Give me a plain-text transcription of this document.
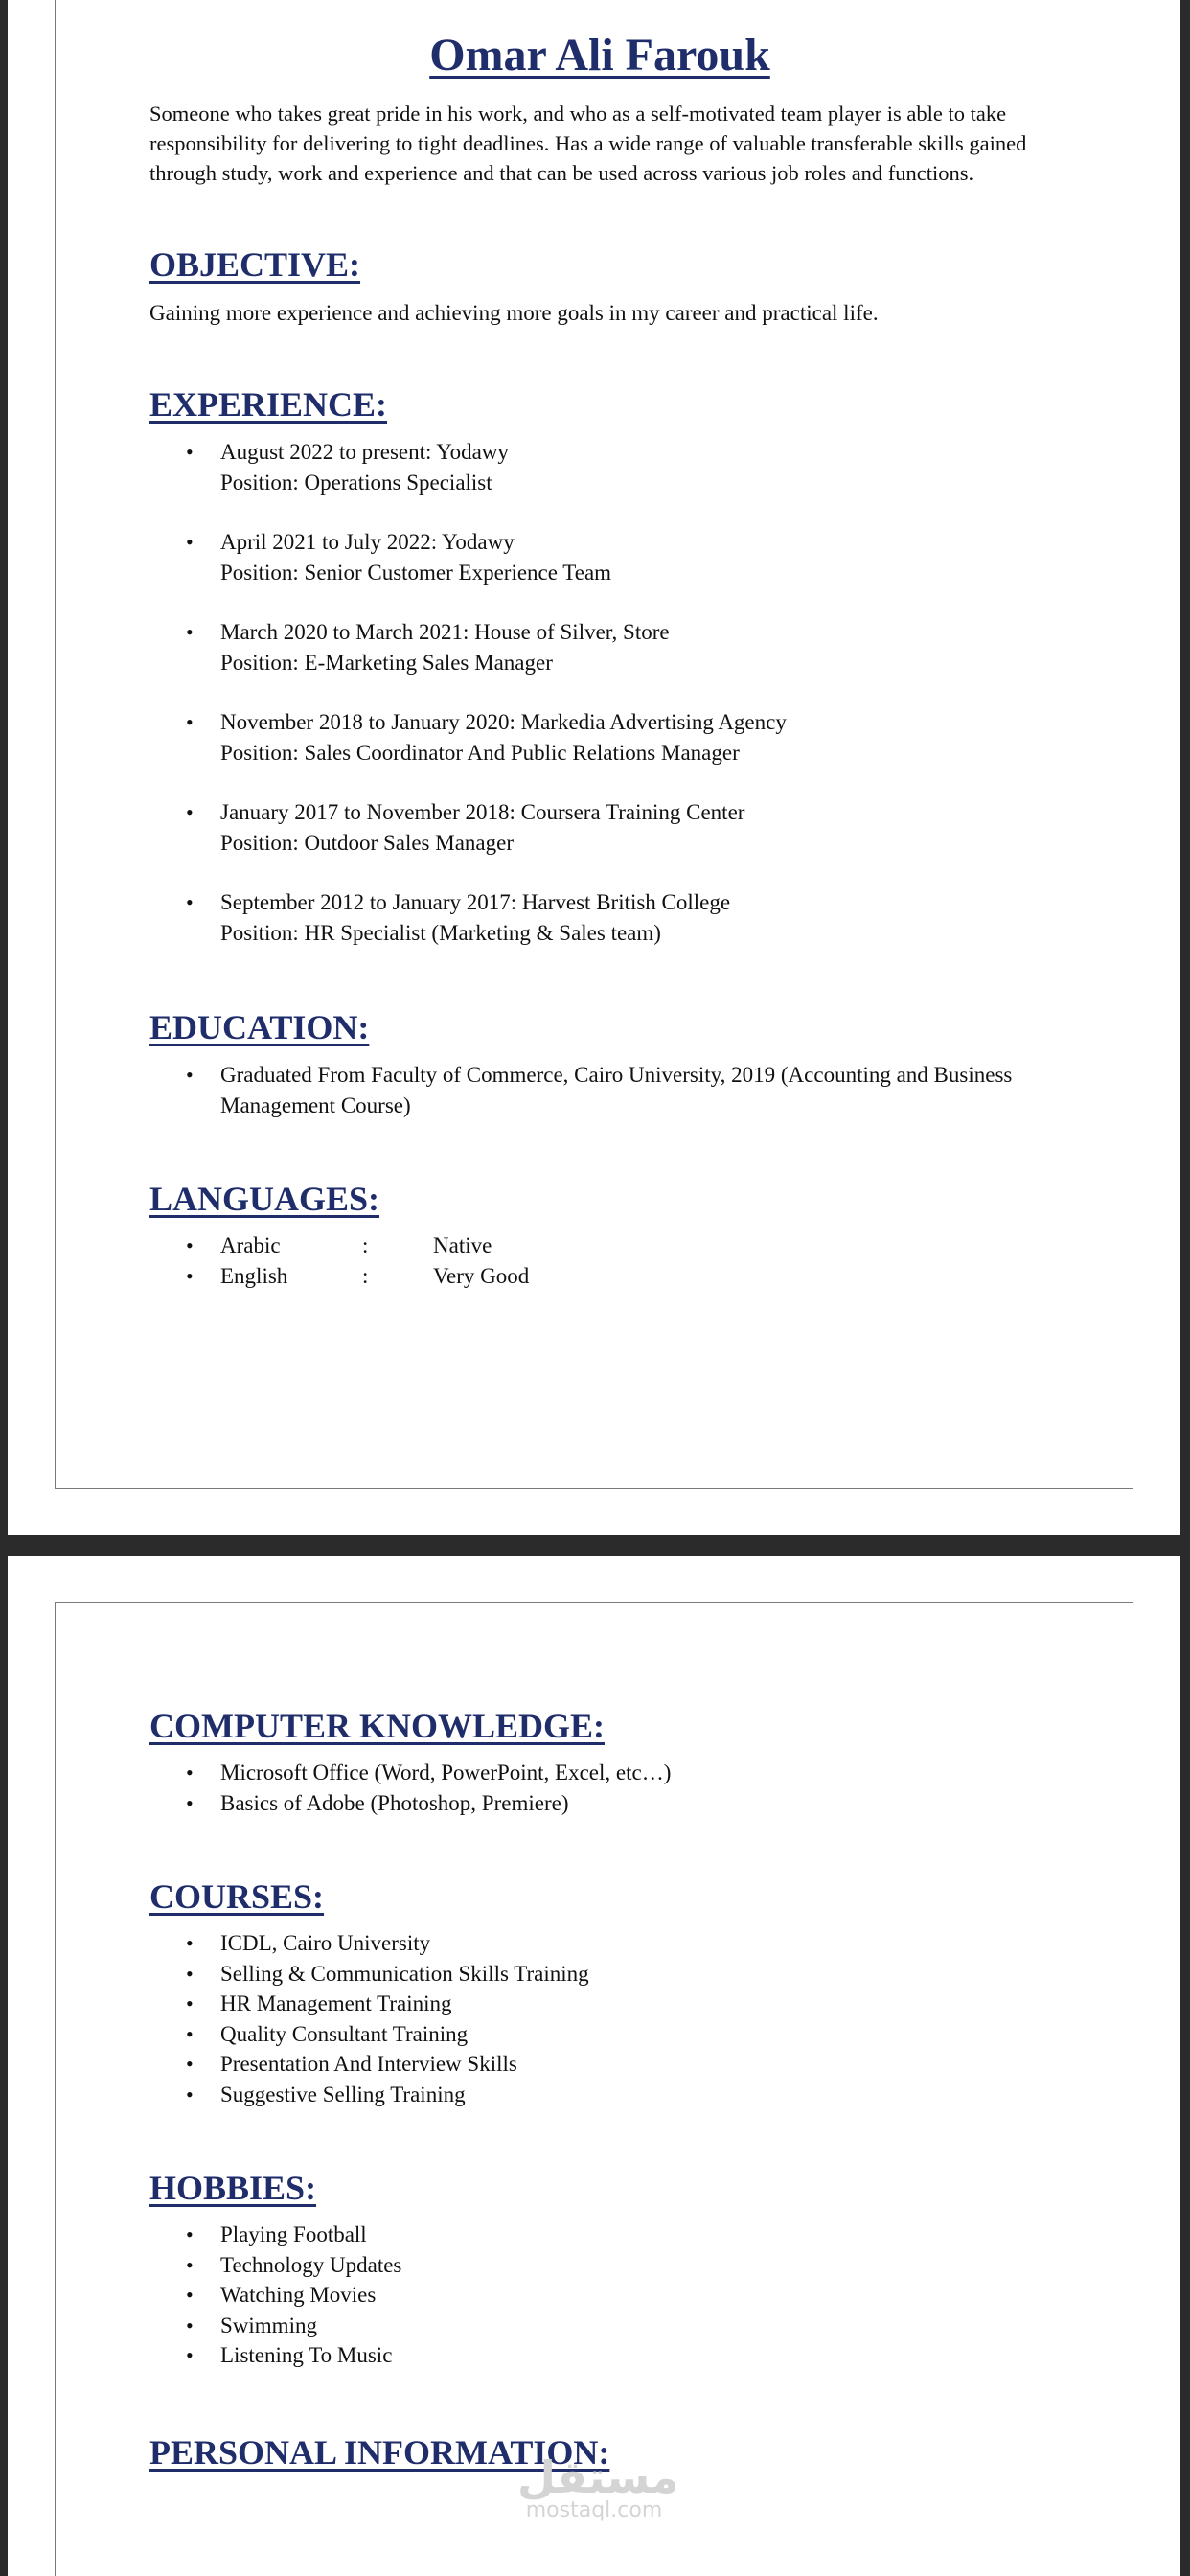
Omar Ali Farouk

Someone who takes great pride in his work, and who as a self-motivated team player is able to take responsibility for delivering to tight deadlines. Has a wide range of valuable transferable skills gained through study, work and experience and that can be used across various job roles and functions.

OBJECTIVE:

Gaining more experience and achieving more goals in my career and practical life.

EXPERIENCE:
• August 2022 to present: Yodawy
Position: Operations Specialist
• April 2021 to July 2022: Yodawy
Position: Senior Customer Experience Team
• March 2020 to March 2021: House of Silver, Store
Position: E-Marketing Sales Manager
• November 2018 to January 2020: Markedia Advertising Agency
Position: Sales Coordinator And Public Relations Manager
• January 2017 to November 2018: Coursera Training Center
Position: Outdoor Sales Manager
• September 2012 to January 2017: Harvest British College
Position: HR Specialist (Marketing & Sales team)
EDUCATION:
• Graduated From Faculty of Commerce, Cairo University, 2019 (Accounting and Business Management Course)
LANGUAGES:
• Arabic	:	Native
• English	:	Very Good
COMPUTER KNOWLEDGE:
• Microsoft Office (Word, PowerPoint, Excel, etc…)
• Basics of Adobe (Photoshop, Premiere)
COURSES:
• ICDL, Cairo University
• Selling & Communication Skills Training
• HR Management Training
• Quality Consultant Training
• Presentation And Interview Skills
• Suggestive Selling Training
HOBBIES:
• Playing Football
• Technology Updates
• Watching Movies
• Swimming
• Listening To Music
PERSONAL INFORMATION:
مستقل
mostaql.com
